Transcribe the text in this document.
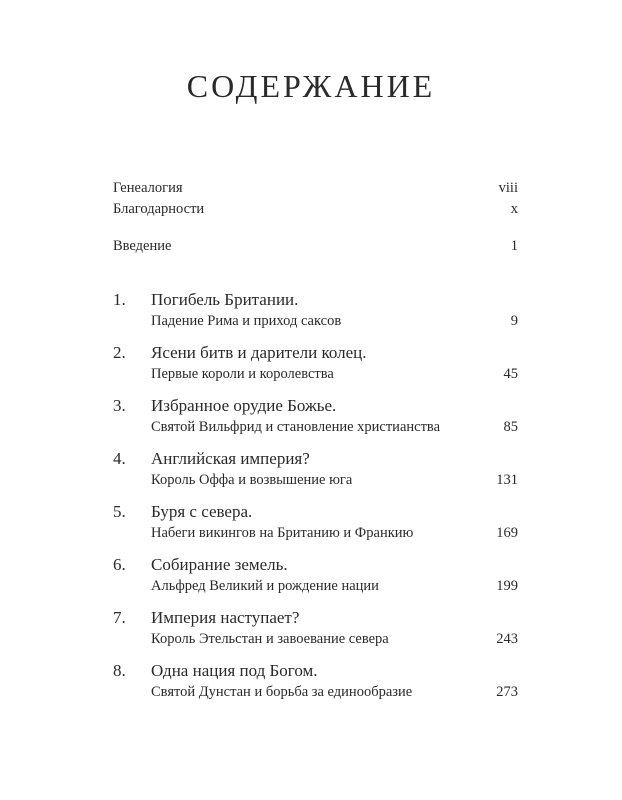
СОДЕРЖАНИЕ
Генеалогия	viii
Благодарности	x
Введение	1
1.	Погибель Британии.
Падение Рима и приход саксов	9
2.	Ясени битв и дарители колец.
Первые короли и королевства	45
3.	Избранное орудие Божье.
Святой Вильфрид и становление христианства	85
4.	Английская империя?
Король Оффа и возвышение юга	131
5.	Буря с севера.
Набеги викингов на Британию и Франкию	169
6.	Собирание земель.
Альфред Великий и рождение нации	199
7.	Империя наступает?
Король Этельстан и завоевание севера	243
8.	Одна нация под Богом.
Святой Дунстан и борьба за единообразие	273
